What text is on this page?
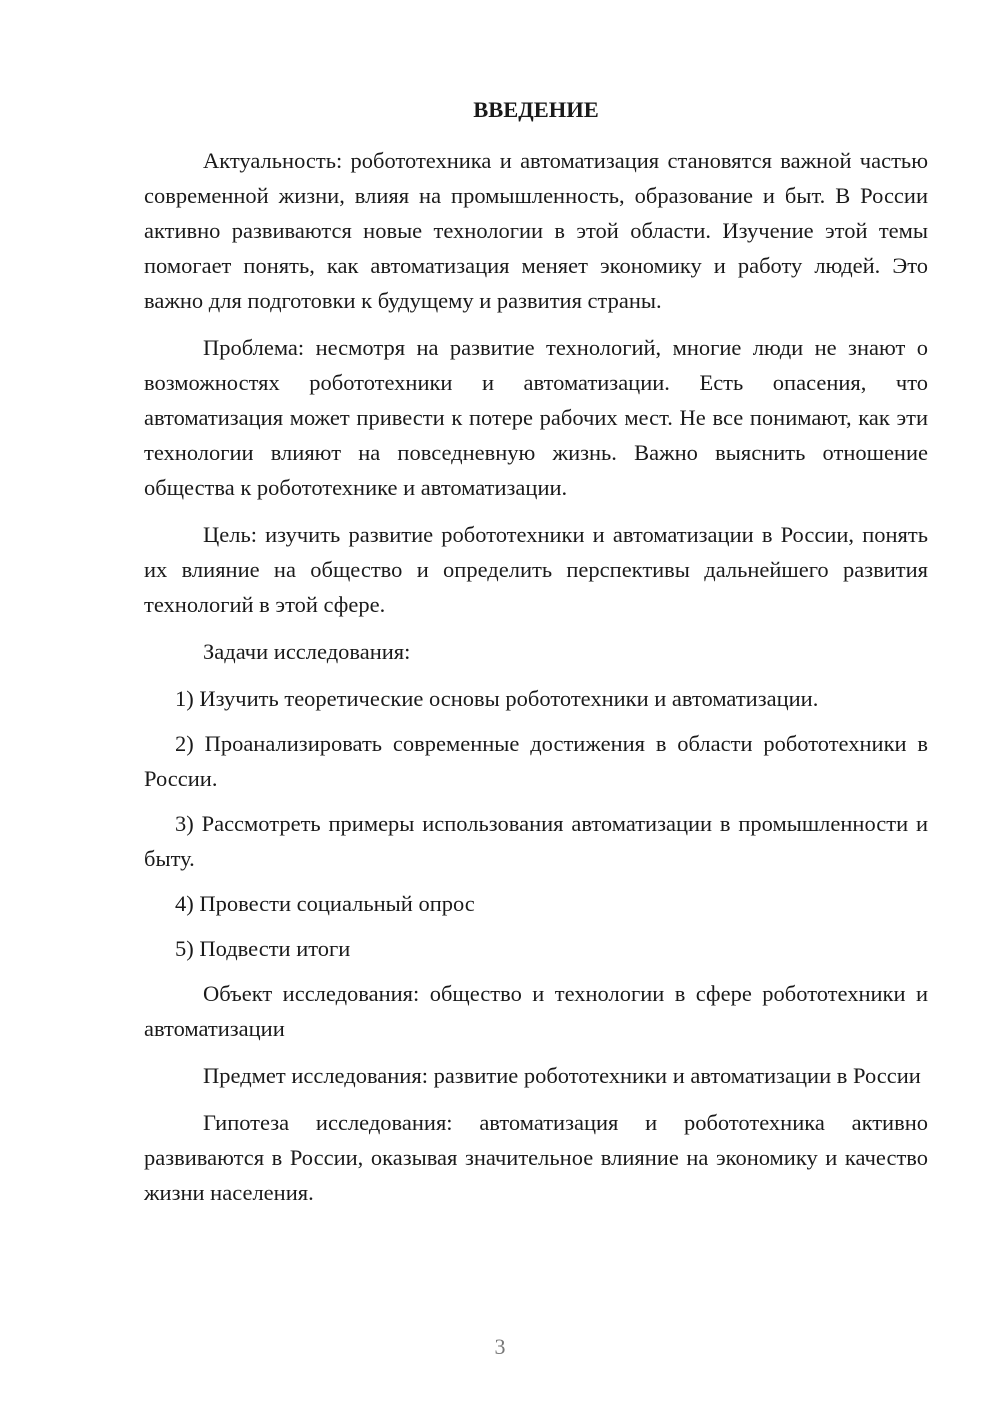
ВВЕДЕНИЕ

Актуальность: робототехника и автоматизация становятся важной частью современной жизни, влияя на промышленность, образование и быт. В России активно развиваются новые технологии в этой области. Изучение этой темы помогает понять, как автоматизация меняет экономику и работу людей. Это важно для подготовки к будущему и развития страны.

Проблема: несмотря на развитие технологий, многие люди не знают о возможностях робототехники и автоматизации. Есть опасения, что автоматизация может привести к потере рабочих мест. Не все понимают, как эти технологии влияют на повседневную жизнь. Важно выяснить отношение общества к робототехнике и автоматизации.

Цель: изучить развитие робототехники и автоматизации в России, понять их влияние на общество и определить перспективы дальнейшего развития технологий в этой сфере.

Задачи исследования:

1) Изучить теоретические основы робототехники и автоматизации.

2) Проанализировать современные достижения в области робототехники в России.

3) Рассмотреть примеры использования автоматизации в промышленности и быту.

4) Провести социальный опрос

5) Подвести итоги

Объект исследования: общество и технологии в сфере робототехники и автоматизации

Предмет исследования: развитие робототехники и автоматизации в России

Гипотеза исследования: автоматизация и робототехника активно развиваются в России, оказывая значительное влияние на экономику и качество жизни населения.

3
